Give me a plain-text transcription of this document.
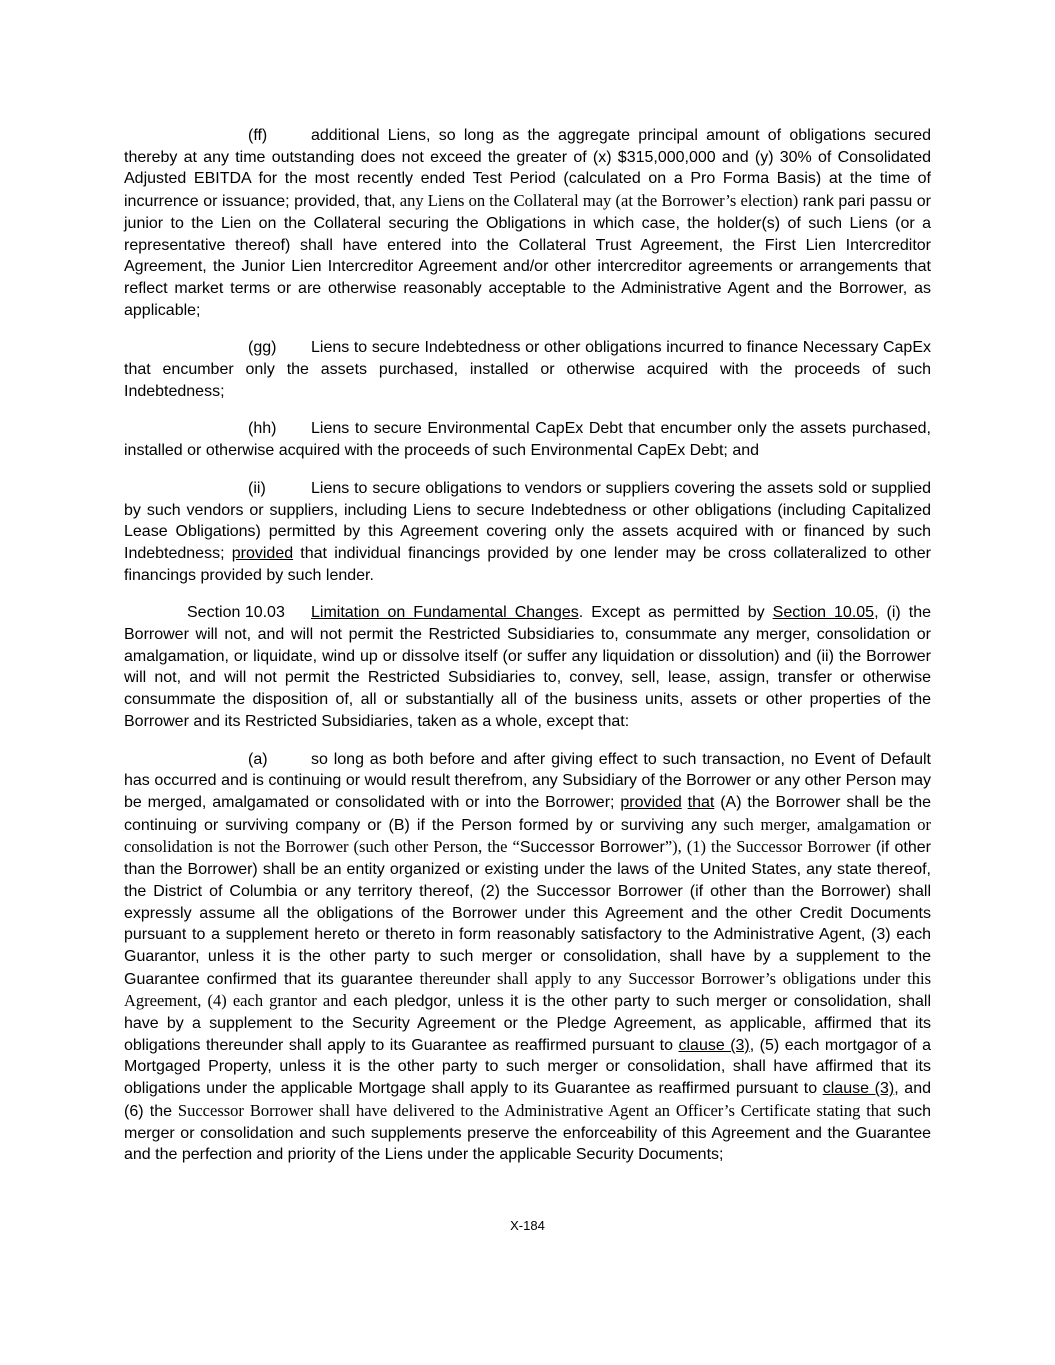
(ff)	additional Liens, so long as the aggregate principal amount of obligations secured thereby at any time outstanding does not exceed the greater of (x) $315,000,000 and (y) 30% of Consolidated Adjusted EBITDA for the most recently ended Test Period (calculated on a Pro Forma Basis) at the time of incurrence or issuance; provided, that, any Liens on the Collateral may (at the Borrower’s election) rank pari passu or junior to the Lien on the Collateral securing the Obligations in which case, the holder(s) of such Liens (or a representative thereof) shall have entered into the Collateral Trust Agreement, the First Lien Intercreditor Agreement, the Junior Lien Intercreditor Agreement and/or other intercreditor agreements or arrangements that reflect market terms or are otherwise reasonably acceptable to the Administrative Agent and the Borrower, as applicable;

(gg) Liens to secure Indebtedness or other obligations incurred to finance Necessary CapEx that encumber only the assets purchased, installed or otherwise acquired with the proceeds of such Indebtedness;

(hh) Liens to secure Environmental CapEx Debt that encumber only the assets purchased, installed or otherwise acquired with the proceeds of such Environmental CapEx Debt; and

(ii)	Liens to secure obligations to vendors or suppliers covering the assets sold or supplied by such vendors or suppliers, including Liens to secure Indebtedness or other obligations (including Capitalized Lease Obligations) permitted by this Agreement covering only the assets acquired with or financed by such Indebtedness; provided that individual financings provided by one lender may be cross collateralized to other financings provided by such lender.

Section 10.03 Limitation on Fundamental Changes. Except as permitted by Section 10.05, (i) the Borrower will not, and will not permit the Restricted Subsidiaries to, consummate any merger, consolidation or amalgamation, or liquidate, wind up or dissolve itself (or suffer any liquidation or dissolution) and (ii) the Borrower will not, and will not permit the Restricted Subsidiaries to, convey, sell, lease, assign, transfer or otherwise consummate the disposition of, all or substantially all of the business units, assets or other properties of the Borrower and its Restricted Subsidiaries, taken as a whole, except that:

(a)	so long as both before and after giving effect to such transaction, no Event of Default has occurred and is continuing or would result therefrom, any Subsidiary of the Borrower or any other Person may be merged, amalgamated or consolidated with or into the Borrower; provided that (A) the Borrower shall be the continuing or surviving company or (B) if the Person formed by or surviving any such merger, amalgamation or consolidation is not the Borrower (such other Person, the “Successor Borrower”), (1) the Successor Borrower (if other than the Borrower) shall be an entity organized or existing under the laws of the United States, any state thereof, the District of Columbia or any territory thereof, (2) the Successor Borrower (if other than the Borrower) shall expressly assume all the obligations of the Borrower under this Agreement and the other Credit Documents pursuant to a supplement hereto or thereto in form reasonably satisfactory to the Administrative Agent, (3) each Guarantor, unless it is the other party to such merger or consolidation, shall have by a supplement to the Guarantee confirmed that its guarantee thereunder shall apply to any Successor Borrower’s obligations under this Agreement, (4) each grantor and each pledgor, unless it is the other party to such merger or consolidation, shall have by a supplement to the Security Agreement or the Pledge Agreement, as applicable, affirmed that its obligations thereunder shall apply to its Guarantee as reaffirmed pursuant to clause (3), (5) each mortgagor of a Mortgaged Property, unless it is the other party to such merger or consolidation, shall have affirmed that its obligations under the applicable Mortgage shall apply to its Guarantee as reaffirmed pursuant to clause (3), and (6) the Successor Borrower shall have delivered to the Administrative Agent an Officer’s Certificate stating that such merger or consolidation and such supplements preserve the enforceability of this Agreement and the Guarantee and the perfection and priority of the Liens under the applicable Security Documents;

X-184
